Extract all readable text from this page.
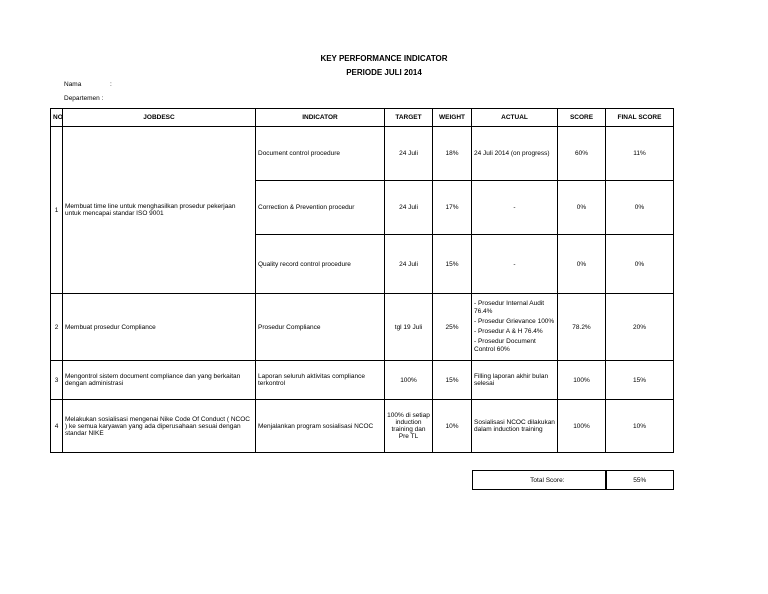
KEY PERFORMANCE INDICATOR
PERIODE JULI 2014
Nama	:
Departemen :
NO	JOBDESC	INDICATOR	TARGET	WEIGHT	ACTUAL	SCORE	FINAL SCORE
1	Membuat time line untuk menghasilkan prosedur pekerjaan untuk mencapai standar ISO 9001	Document control procedure	24 Juli	18%	24 Juli 2014 (on progress)	60%	11%
		Correction & Prevention procedur	24 Juli	17%	-	0%	0%
		Quality record control procedure	24 Juli	15%	-	0%	0%
2	Membuat prosedur Compliance	Prosedur Compliance	tgl 19 Juli	25%	- Prosedur Internal Audit 76.4%
- Prosedur Grievance 100%
- Prosedur A & H 76.4%
- Prosedur Document Control 60%	78.2%	20%
3	Mengontrol sistem document compliance dan yang berkaitan dengan administrasi	Laporan seluruh aktivitas compliance terkontrol	100%	15%	Filling laporan akhir bulan selesai	100%	15%
4	Melakukan sosialisasi mengenai Nike Code Of Conduct ( NCOC ) ke semua karyawan yang ada diperusahaan sesuai dengan standar NIKE	Menjalankan program sosialisasi NCOC	100% di setiap induction training dan Pre TL	10%	Sosialisasi NCOC dilakukan dalam induction training	100%	10%
Total Score:	55%
